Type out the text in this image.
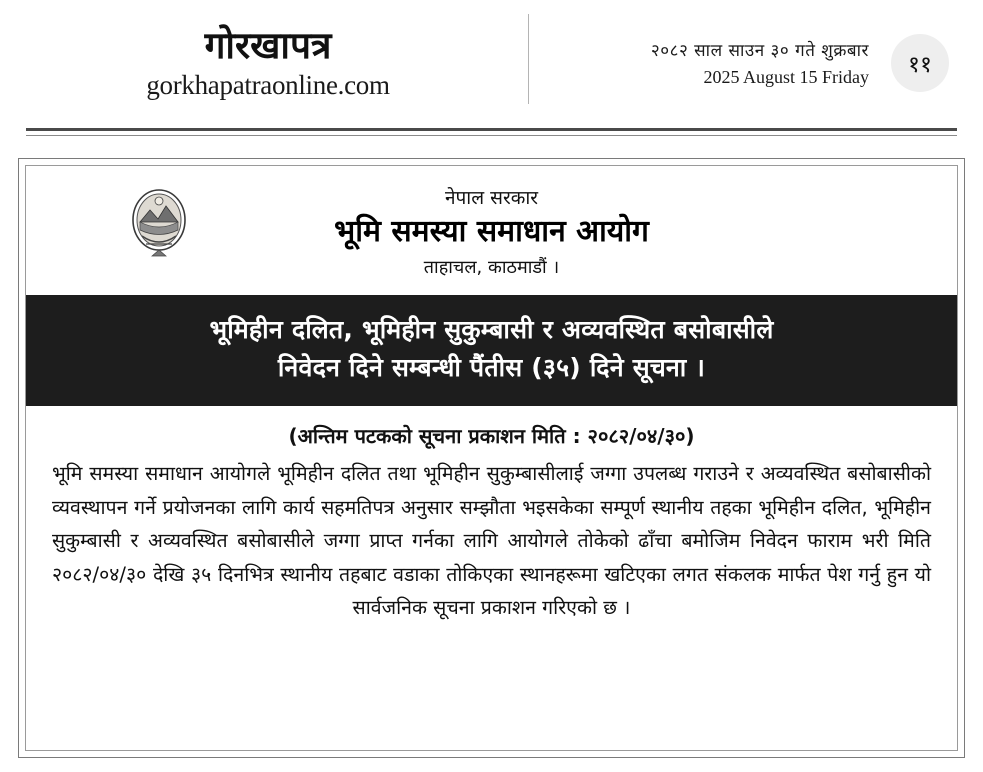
गोरखापत्र
gorkhapatraonline.com
२०८२ साल साउन ३० गते शुक्रबार
2025 August 15 Friday	११
नेपाल सरकार
भूमि समस्या समाधान आयोग
ताहाचल, काठमाडौं ।
भूमिहीन दलित, भूमिहीन सुकुम्बासी र अव्यवस्थित बसोबासीले
निवेदन दिने सम्बन्धी पैंतीस (३५) दिने सूचना ।
(अन्तिम पटकको सूचना प्रकाशन मिति : २०८२/०४/३०)

भूमि समस्या समाधान आयोगले भूमिहीन दलित तथा भूमिहीन सुकुम्बासीलाई जग्गा उपलब्ध गराउने र अव्यवस्थित बसोबासीको व्यवस्थापन गर्ने प्रयोजनका लागि कार्य सहमतिपत्र अनुसार सम्झौता भइसकेका सम्पूर्ण स्थानीय तहका भूमिहीन दलित, भूमिहीन सुकुम्बासी र अव्यवस्थित बसोबासीले जग्गा प्राप्त गर्नका लागि आयोगले तोकेको ढाँचा बमोजिम निवेदन फाराम भरी मिति २०८२/०४/३० देखि ३५ दिनभित्र स्थानीय तहबाट वडाका तोकिएका स्थानहरूमा खटिएका लगत संकलक मार्फत पेश गर्नु हुन यो सार्वजनिक सूचना प्रकाशन गरिएको छ ।
